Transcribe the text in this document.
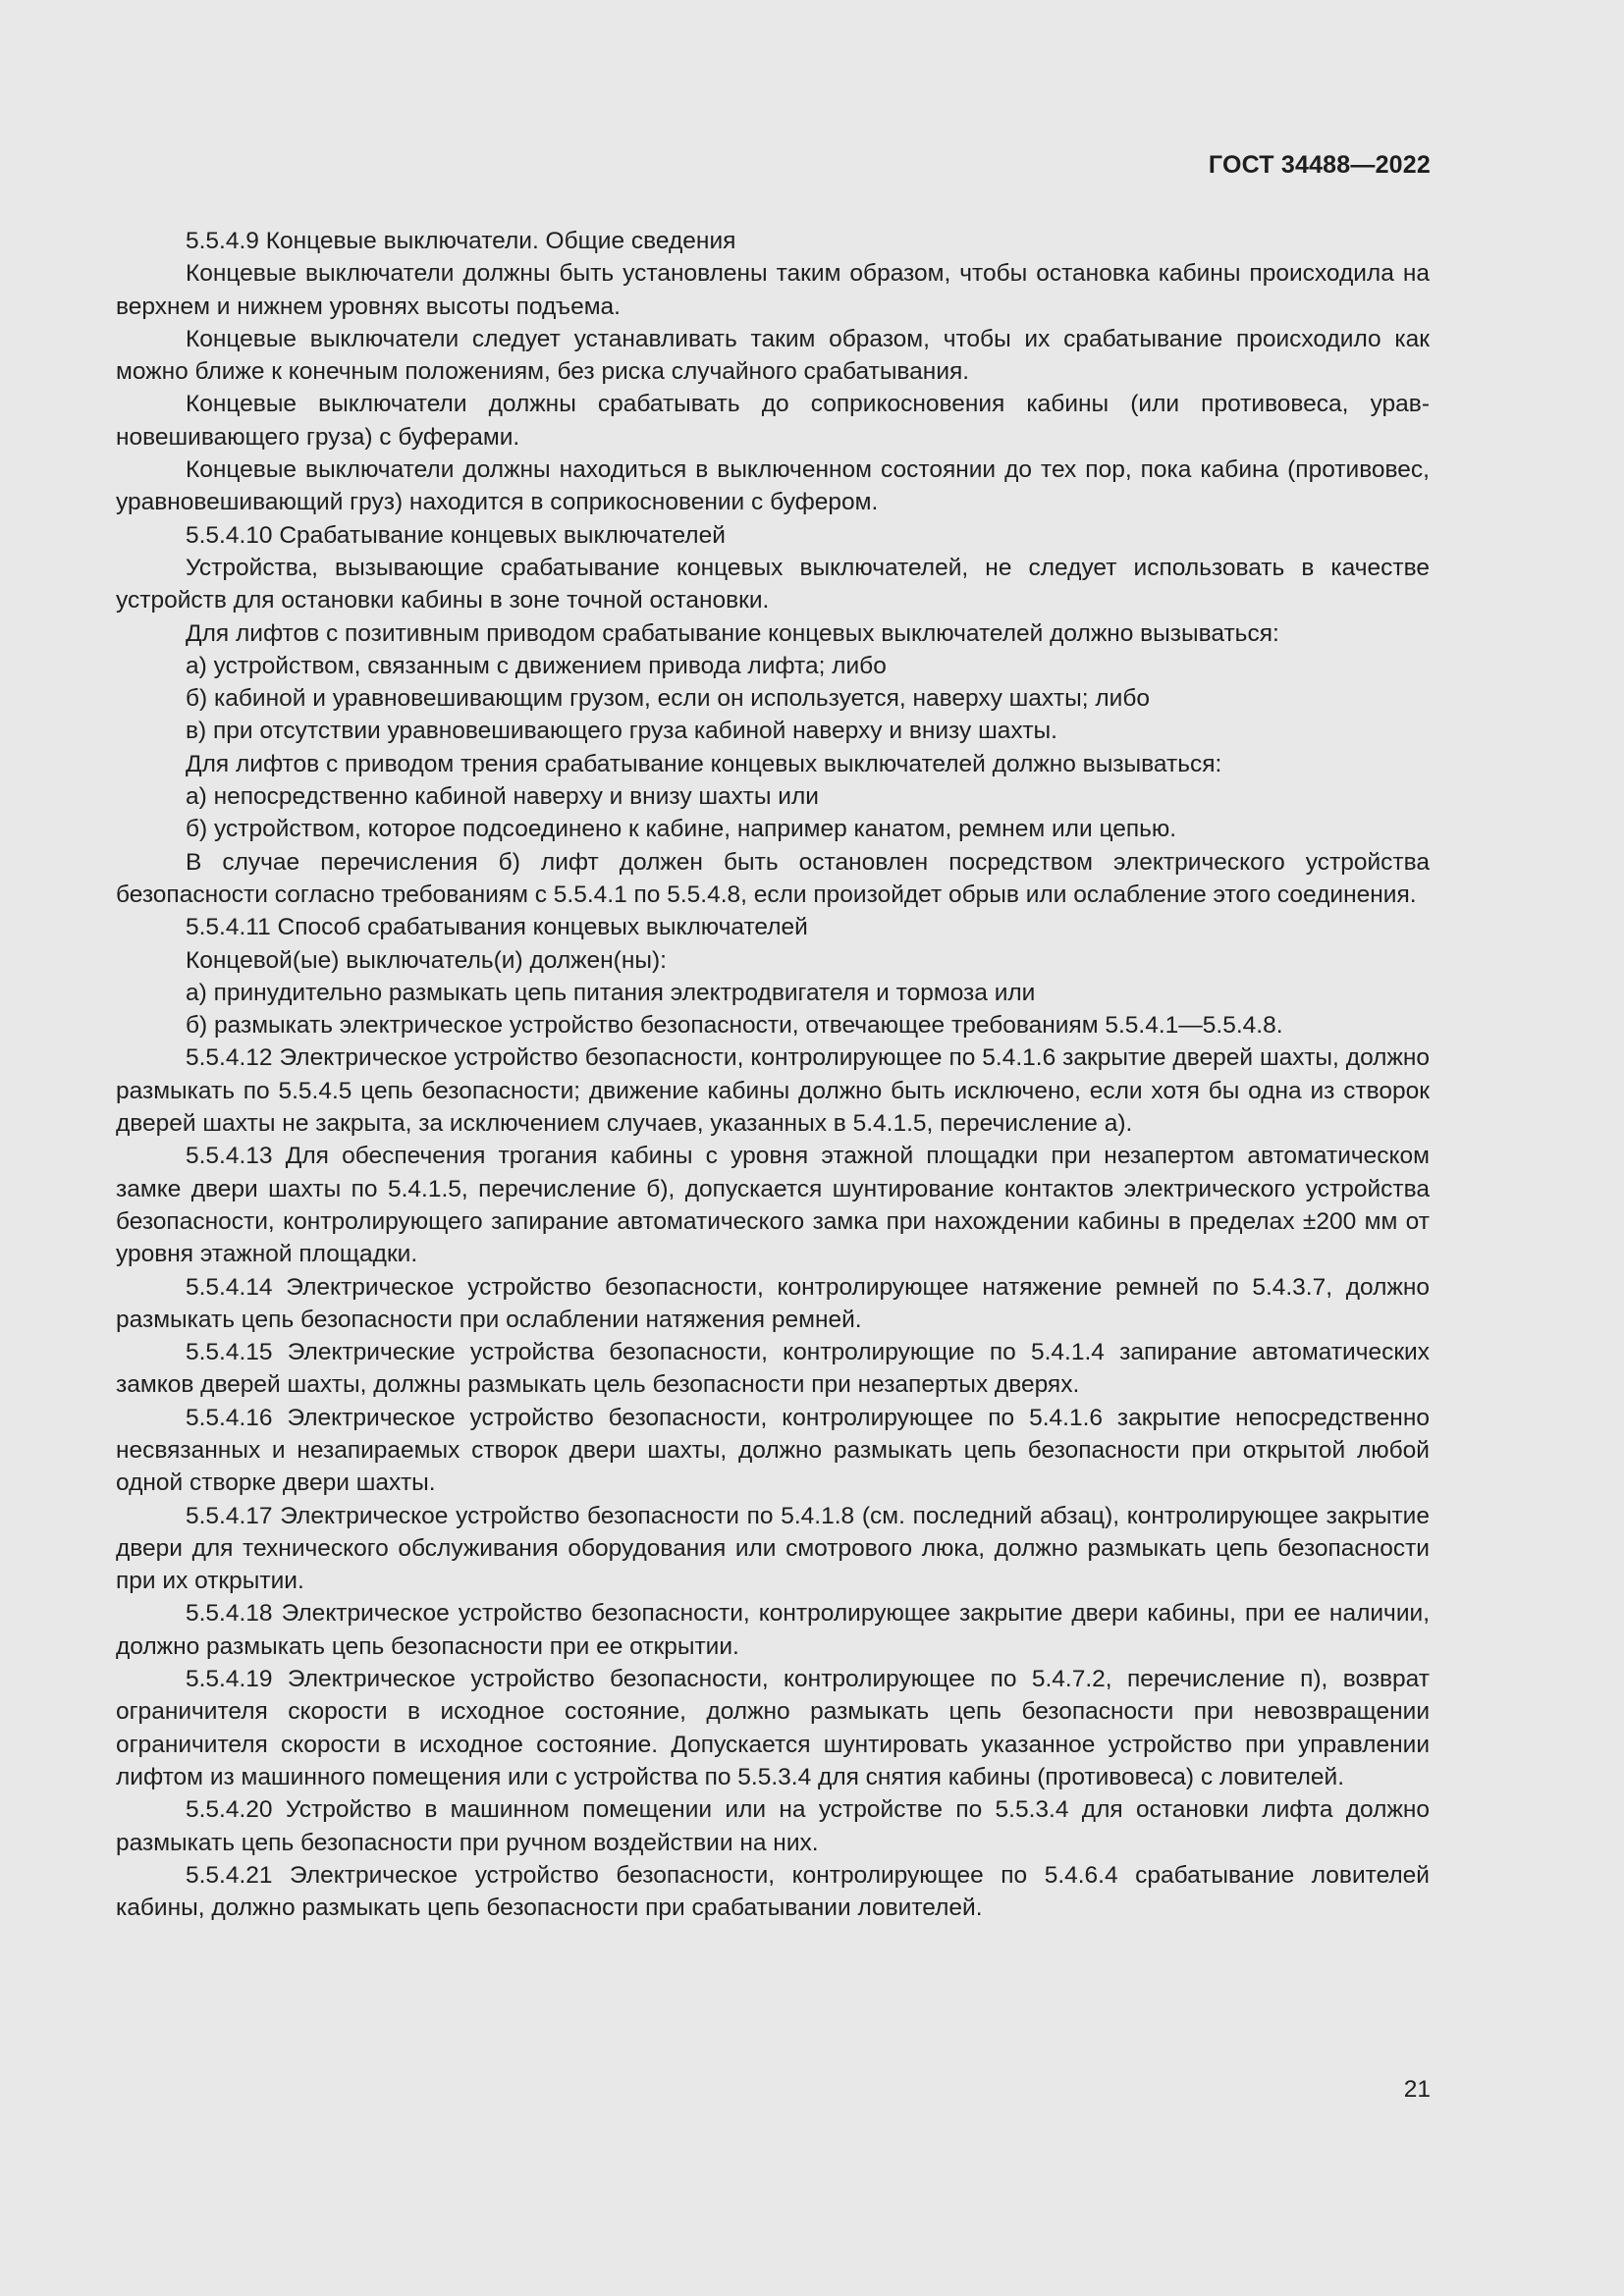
ГОСТ 34488—2022

5.5.4.9 Концевые выключатели. Общие сведения

Концевые выключатели должны быть установлены таким образом, чтобы остановка кабины происходила на верхнем и нижнем уровнях высоты подъема.

Концевые выключатели следует устанавливать таким образом, чтобы их срабатывание происходило как можно ближе к конечным положениям, без риска случайного срабатывания.

Концевые выключатели должны срабатывать до соприкосновения кабины (или противовеса, уравновешивающего груза) с буферами.

Концевые выключатели должны находиться в выключенном состоянии до тех пор, пока кабина (противовес, уравновешивающий груз) находится в соприкосновении с буфером.

5.5.4.10 Срабатывание концевых выключателей

Устройства, вызывающие срабатывание концевых выключателей, не следует использовать в качестве устройств для остановки кабины в зоне точной остановки.

Для лифтов с позитивным приводом срабатывание концевых выключателей должно вызываться:

а) устройством, связанным с движением привода лифта; либо

б) кабиной и уравновешивающим грузом, если он используется, наверху шахты; либо

в) при отсутствии уравновешивающего груза кабиной наверху и внизу шахты.

Для лифтов с приводом трения срабатывание концевых выключателей должно вызываться:

а) непосредственно кабиной наверху и внизу шахты или

б) устройством, которое подсоединено к кабине, например канатом, ремнем или цепью.

В случае перечисления б) лифт должен быть остановлен посредством электрического устройства безопасности согласно требованиям с 5.5.4.1 по 5.5.4.8, если произойдет обрыв или ослабление этого соединения.

5.5.4.11 Способ срабатывания концевых выключателей

Концевой(ые) выключатель(и) должен(ны):

а) принудительно размыкать цепь питания электродвигателя и тормоза или

б) размыкать электрическое устройство безопасности, отвечающее требованиям 5.5.4.1—5.5.4.8.

5.5.4.12 Электрическое устройство безопасности, контролирующее по 5.4.1.6 закрытие дверей шахты, должно размыкать по 5.5.4.5 цепь безопасности; движение кабины должно быть исключено, если хотя бы одна из створок дверей шахты не закрыта, за исключением случаев, указанных в 5.4.1.5, перечисление а).

5.5.4.13 Для обеспечения трогания кабины с уровня этажной площадки при незапертом автоматическом замке двери шахты по 5.4.1.5, перечисление б), допускается шунтирование контактов электрического устройства безопасности, контролирующего запирание автоматического замка при нахождении кабины в пределах ±200 мм от уровня этажной площадки.

5.5.4.14 Электрическое устройство безопасности, контролирующее натяжение ремней по 5.4.3.7, должно размыкать цепь безопасности при ослаблении натяжения ремней.

5.5.4.15 Электрические устройства безопасности, контролирующие по 5.4.1.4 запирание автоматических замков дверей шахты, должны размыкать цель безопасности при незапертых дверях.

5.5.4.16 Электрическое устройство безопасности, контролирующее по 5.4.1.6 закрытие непосредственно несвязанных и незапираемых створок двери шахты, должно размыкать цепь безопасности при открытой любой одной створке двери шахты.

5.5.4.17 Электрическое устройство безопасности по 5.4.1.8 (см. последний абзац), контролирующее закрытие двери для технического обслуживания оборудования или смотрового люка, должно размыкать цепь безопасности при их открытии.

5.5.4.18 Электрическое устройство безопасности, контролирующее закрытие двери кабины, при ее наличии, должно размыкать цепь безопасности при ее открытии.

5.5.4.19 Электрическое устройство безопасности, контролирующее по 5.4.7.2, перечисление п), возврат ограничителя скорости в исходное состояние, должно размыкать цепь безопасности при невозвращении ограничителя скорости в исходное состояние. Допускается шунтировать указанное устройство при управлении лифтом из машинного помещения или с устройства по 5.5.3.4 для снятия кабины (противовеса) с ловителей.

5.5.4.20 Устройство в машинном помещении или на устройстве по 5.5.3.4 для остановки лифта должно размыкать цепь безопасности при ручном воздействии на них.

5.5.4.21 Электрическое устройство безопасности, контролирующее по 5.4.6.4 срабатывание ловителей кабины, должно размыкать цепь безопасности при срабатывании ловителей.

21
